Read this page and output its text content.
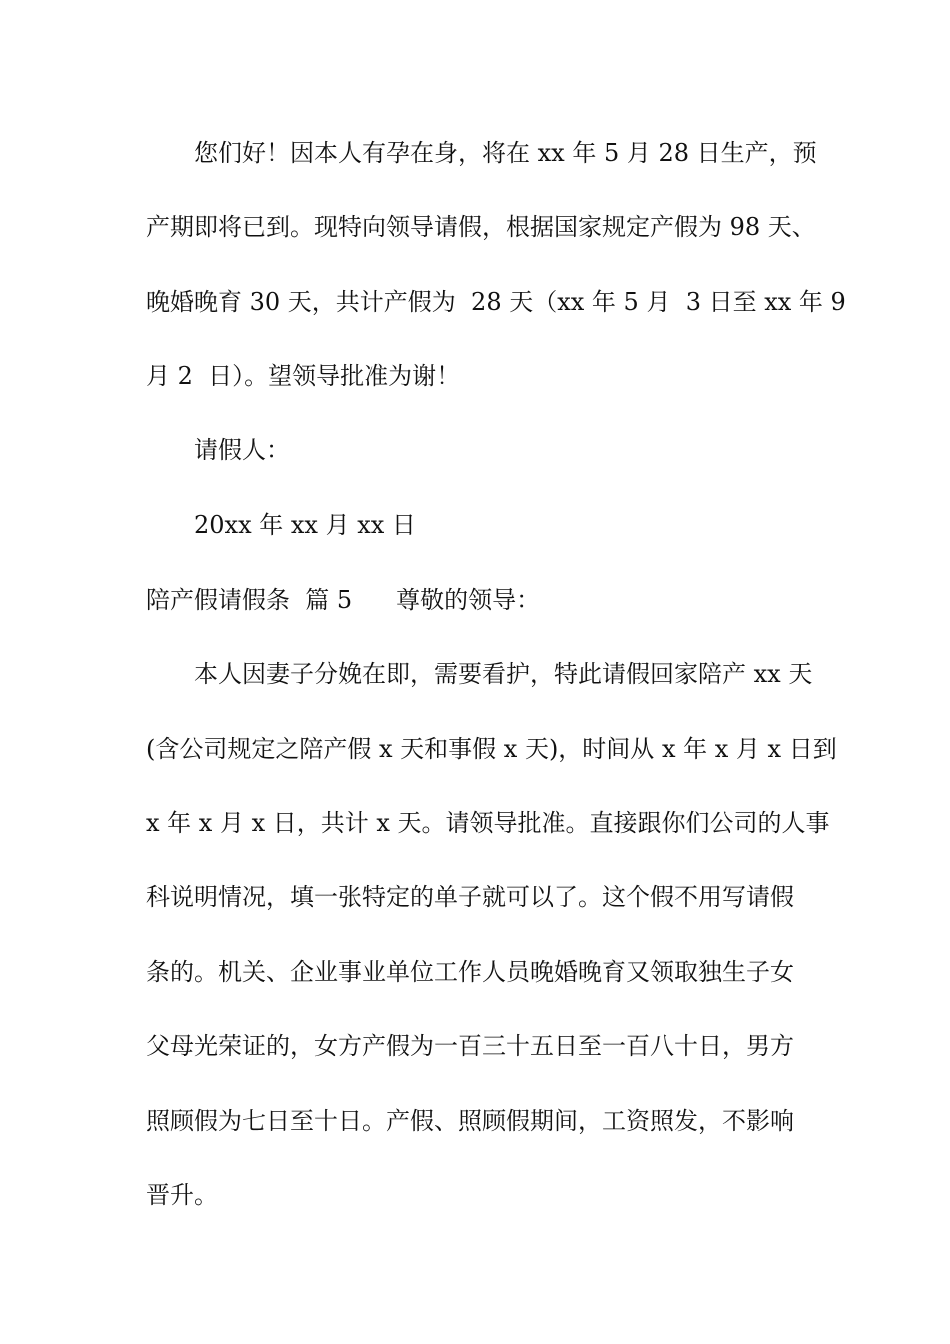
您们好！因本人有孕在身，将在 xx 年 5 月 28 日生产，预
产期即将已到。现特向领导请假，根据国家规定产假为 98 天、
晚婚晚育 30 天，共计产假为  28 天（xx 年 5 月  3 日至 xx 年 9
月 2  日）。望领导批准为谢！
请假人：
20xx 年 xx 月 xx 日
陪产假请假条  篇 5 尊敬的领导：
本人因妻子分娩在即，需要看护，特此请假回家陪产 xx 天
(含公司规定之陪产假 x 天和事假 x 天)，时间从 x 年 x 月 x 日到
x 年 x 月 x 日，共计 x 天。请领导批准。直接跟你们公司的人事
科说明情况，填一张特定的单子就可以了。这个假不用写请假
条的。机关、企业事业单位工作人员晚婚晚育又领取独生子女
父母光荣证的，女方产假为一百三十五日至一百八十日，男方
照顾假为七日至十日。产假、照顾假期间，工资照发，不影响
晋升。
